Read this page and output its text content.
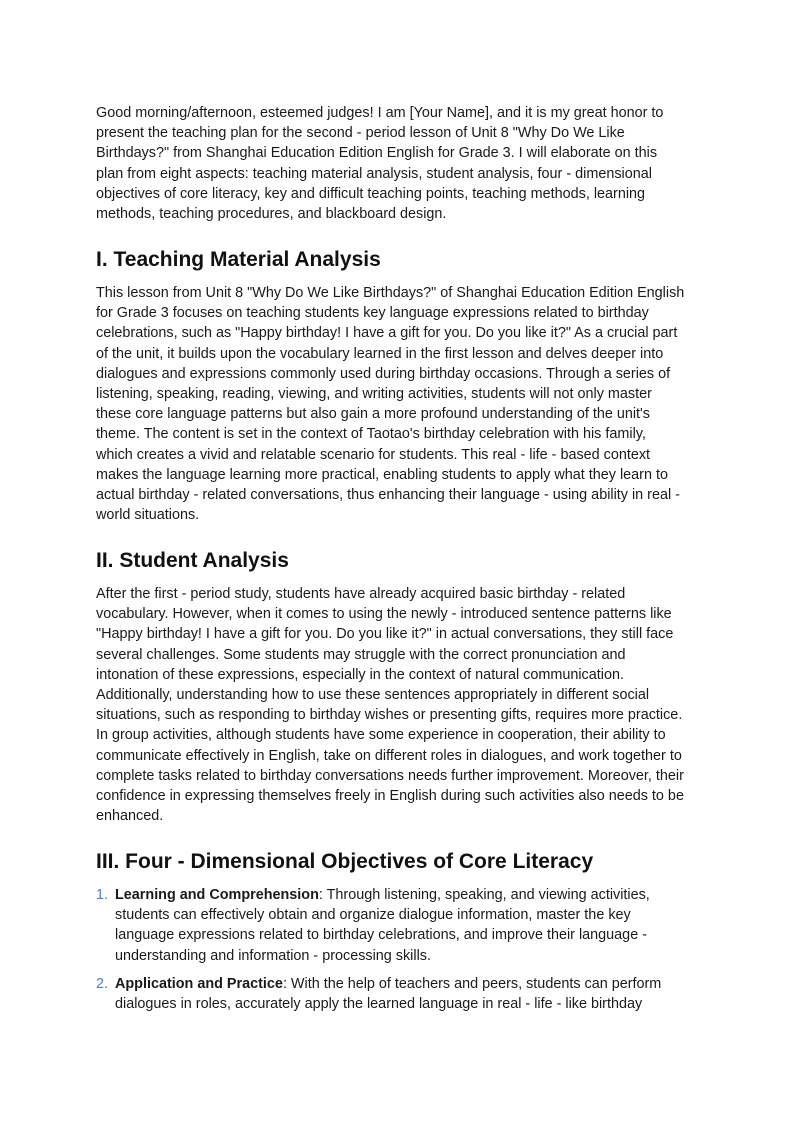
Good morning/afternoon, esteemed judges! I am [Your Name], and it is my great honor to
present the teaching plan for the second - period lesson of Unit 8 "Why Do We Like
Birthdays?" from Shanghai Education Edition English for Grade 3. I will elaborate on this
plan from eight aspects: teaching material analysis, student analysis, four - dimensional
objectives of core literacy, key and difficult teaching points, teaching methods, learning
methods, teaching procedures, and blackboard design.

I. Teaching Material Analysis

This lesson from Unit 8 "Why Do We Like Birthdays?" of Shanghai Education Edition English
for Grade 3 focuses on teaching students key language expressions related to birthday
celebrations, such as "Happy birthday! I have a gift for you. Do you like it?" As a crucial part
of the unit, it builds upon the vocabulary learned in the first lesson and delves deeper into
dialogues and expressions commonly used during birthday occasions. Through a series of
listening, speaking, reading, viewing, and writing activities, students will not only master
these core language patterns but also gain a more profound understanding of the unit's
theme. The content is set in the context of Taotao's birthday celebration with his family,
which creates a vivid and relatable scenario for students. This real - life - based context
makes the language learning more practical, enabling students to apply what they learn to
actual birthday - related conversations, thus enhancing their language - using ability in real -
world situations.

II. Student Analysis

After the first - period study, students have already acquired basic birthday - related
vocabulary. However, when it comes to using the newly - introduced sentence patterns like
"Happy birthday! I have a gift for you. Do you like it?" in actual conversations, they still face
several challenges. Some students may struggle with the correct pronunciation and
intonation of these expressions, especially in the context of natural communication.
Additionally, understanding how to use these sentences appropriately in different social
situations, such as responding to birthday wishes or presenting gifts, requires more practice.
In group activities, although students have some experience in cooperation, their ability to
communicate effectively in English, take on different roles in dialogues, and work together to
complete tasks related to birthday conversations needs further improvement. Moreover, their
confidence in expressing themselves freely in English during such activities also needs to be
enhanced.

III. Four - Dimensional Objectives of Core Literacy
1. Learning and Comprehension: Through listening, speaking, and viewing activities,
students can effectively obtain and organize dialogue information, master the key
language expressions related to birthday celebrations, and improve their language -
understanding and information - processing skills.
2. Application and Practice: With the help of teachers and peers, students can perform
dialogues in roles, accurately apply the learned language in real - life - like birthday
